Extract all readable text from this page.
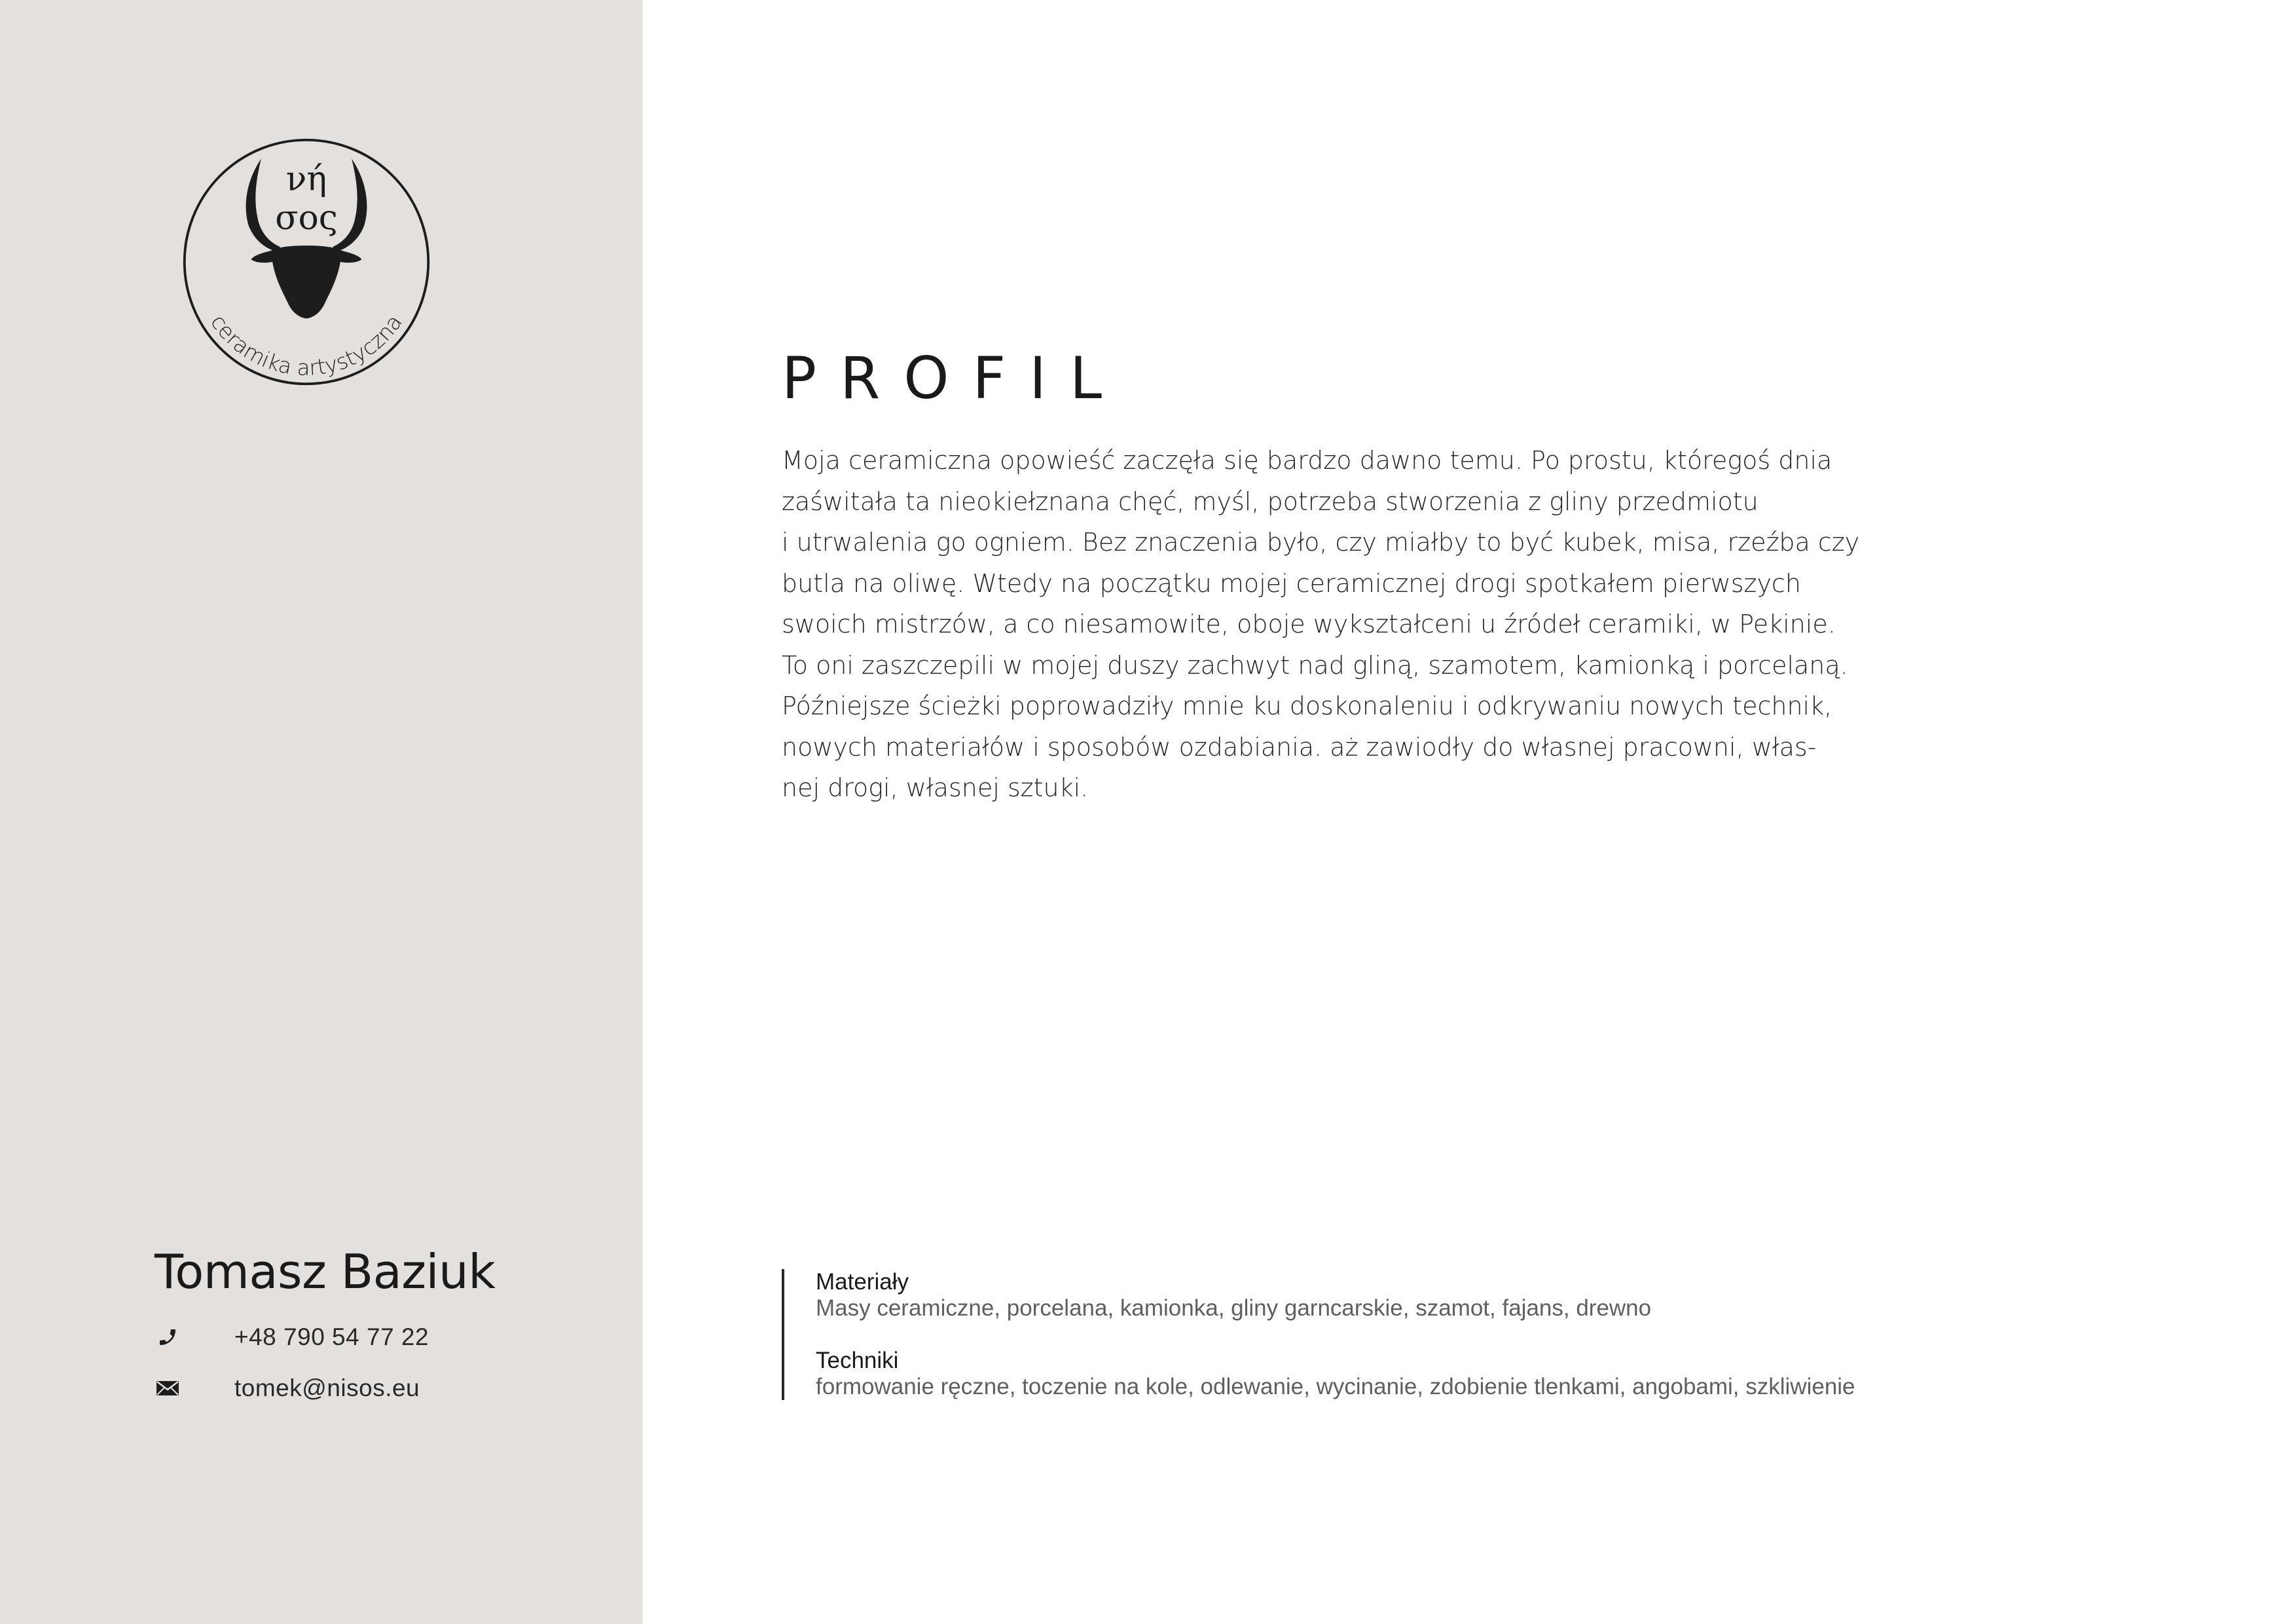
νή
σος
ceramika artystyczna
Tomasz Baziuk
+48 790 54 77 22
tomek@nisos.eu
PROFIL
Moja ceramiczna opowieść zaczęła się bardzo dawno temu. Po prostu, któregoś dnia
zaświtała ta nieokiełznana chęć, myśl, potrzeba stworzenia z gliny przedmiotu
i utrwalenia go ogniem. Bez znaczenia było, czy miałby to być kubek, misa, rzeźba czy
butla na oliwę. Wtedy na początku mojej ceramicznej drogi spotkałem pierwszych
swoich mistrzów, a co niesamowite, oboje wykształceni u źródeł ceramiki, w Pekinie.
To oni zaszczepili w mojej duszy zachwyt nad gliną, szamotem, kamionką i porcelaną.
Późniejsze ścieżki poprowadziły mnie ku doskonaleniu i odkrywaniu nowych technik,
nowych materiałów i sposobów ozdabiania. aż zawiodły do własnej pracowni, włas-
nej drogi, własnej sztuki.
Materiały
Masy ceramiczne, porcelana, kamionka, gliny garncarskie, szamot, fajans, drewno
Techniki
formowanie ręczne, toczenie na kole, odlewanie, wycinanie, zdobienie tlenkami, angobami, szkliwienie
